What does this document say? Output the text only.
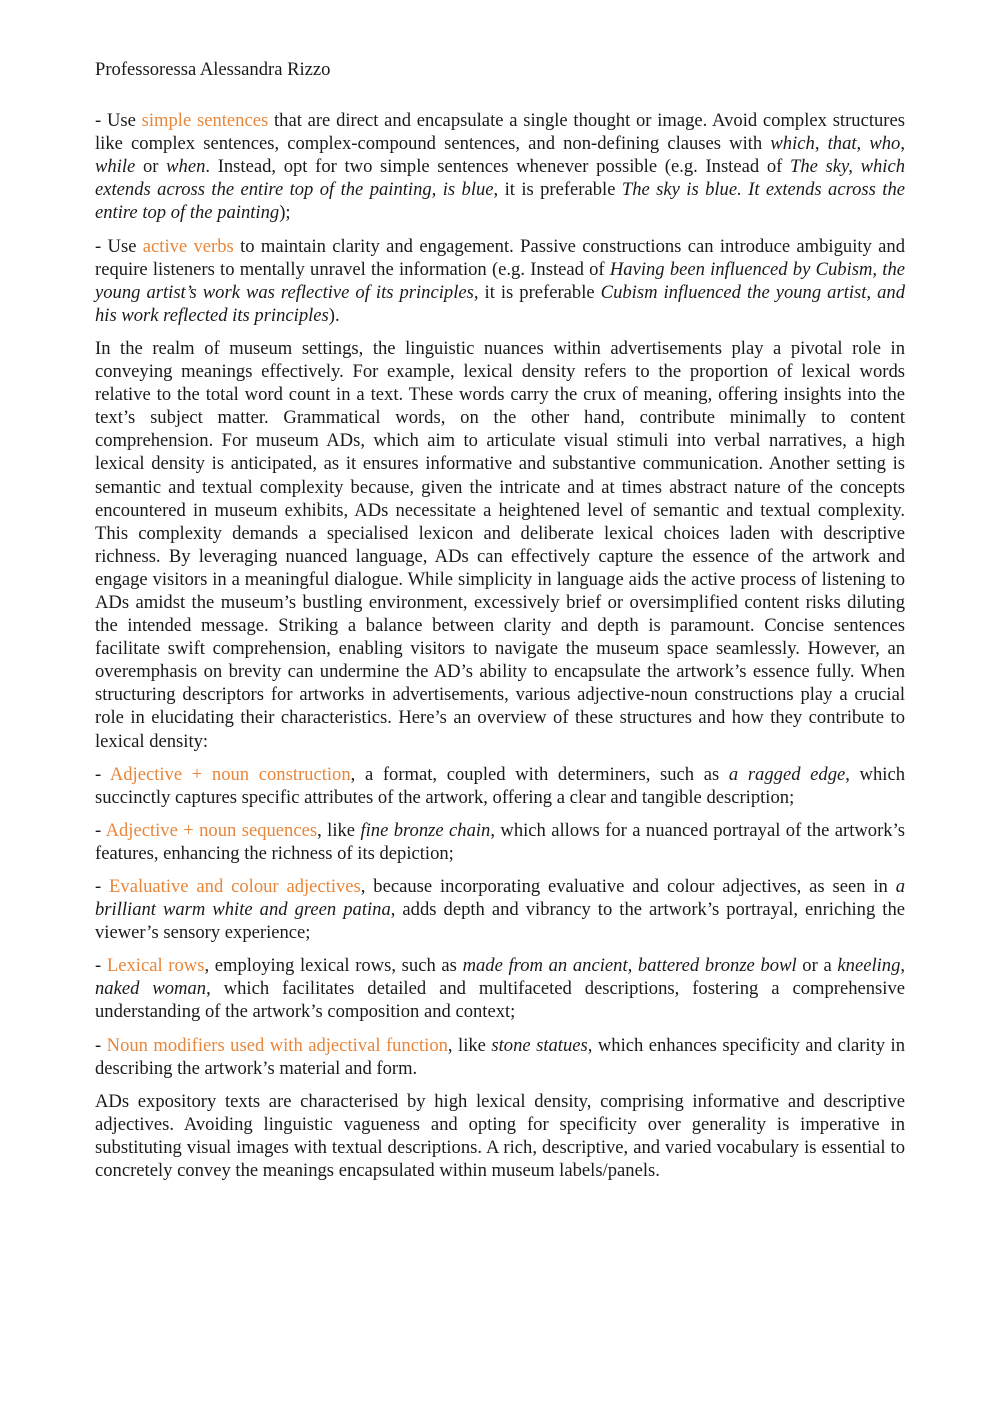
Professoressa Alessandra Rizzo

- Use simple sentences that are direct and encapsulate a single thought or image. Avoid complex structures like complex sentences, complex-compound sentences, and non-defining clauses with which, that, who, while or when. Instead, opt for two simple sentences whenever possible (e.g. Instead of The sky, which extends across the entire top of the painting, is blue, it is preferable The sky is blue. It extends across the entire top of the painting);

- Use active verbs to maintain clarity and engagement. Passive constructions can introduce ambiguity and require listeners to mentally unravel the information (e.g. Instead of Having been influenced by Cubism, the young artist’s work was reflective of its principles, it is preferable Cubism influenced the young artist, and his work reflected its principles).

In the realm of museum settings, the linguistic nuances within advertisements play a pivotal role in conveying meanings effectively. For example, lexical density refers to the proportion of lexical words relative to the total word count in a text. These words carry the crux of meaning, offering insights into the text’s subject matter. Grammatical words, on the other hand, contribute minimally to content comprehension. For museum ADs, which aim to articulate visual stimuli into verbal narratives, a high lexical density is anticipated, as it ensures informative and substantive communication. Another setting is semantic and textual complexity because, given the intricate and at times abstract nature of the concepts encountered in museum exhibits, ADs necessitate a heightened level of semantic and textual complexity. This complexity demands a specialised lexicon and deliberate lexical choices laden with descriptive richness. By leveraging nuanced language, ADs can effectively capture the essence of the artwork and engage visitors in a meaningful dialogue. While simplicity in language aids the active process of listening to ADs amidst the museum’s bustling environment, excessively brief or oversimplified content risks diluting the intended message. Striking a balance between clarity and depth is paramount. Concise sentences facilitate swift comprehension, enabling visitors to navigate the museum space seamlessly. However, an overemphasis on brevity can undermine the AD’s ability to encapsulate the artwork’s essence fully. When structuring descriptors for artworks in advertisements, various adjective-noun constructions play a crucial role in elucidating their characteristics. Here’s an overview of these structures and how they contribute to lexical density:

- Adjective + noun construction, a format, coupled with determiners, such as a ragged edge, which succinctly captures specific attributes of the artwork, offering a clear and tangible description;

- Adjective + noun sequences, like fine bronze chain, which allows for a nuanced portrayal of the artwork’s features, enhancing the richness of its depiction;

- Evaluative and colour adjectives, because incorporating evaluative and colour adjectives, as seen in a brilliant warm white and green patina, adds depth and vibrancy to the artwork’s portrayal, enriching the viewer’s sensory experience;

- Lexical rows, employing lexical rows, such as made from an ancient, battered bronze bowl or a kneeling, naked woman, which facilitates detailed and multifaceted descriptions, fostering a comprehensive understanding of the artwork’s composition and context;

- Noun modifiers used with adjectival function, like stone statues, which enhances specificity and clarity in describing the artwork’s material and form.

ADs expository texts are characterised by high lexical density, comprising informative and descriptive adjectives. Avoiding linguistic vagueness and opting for specificity over generality is imperative in substituting visual images with textual descriptions. A rich, descriptive, and varied vocabulary is essential to concretely convey the meanings encapsulated within museum labels/panels.
